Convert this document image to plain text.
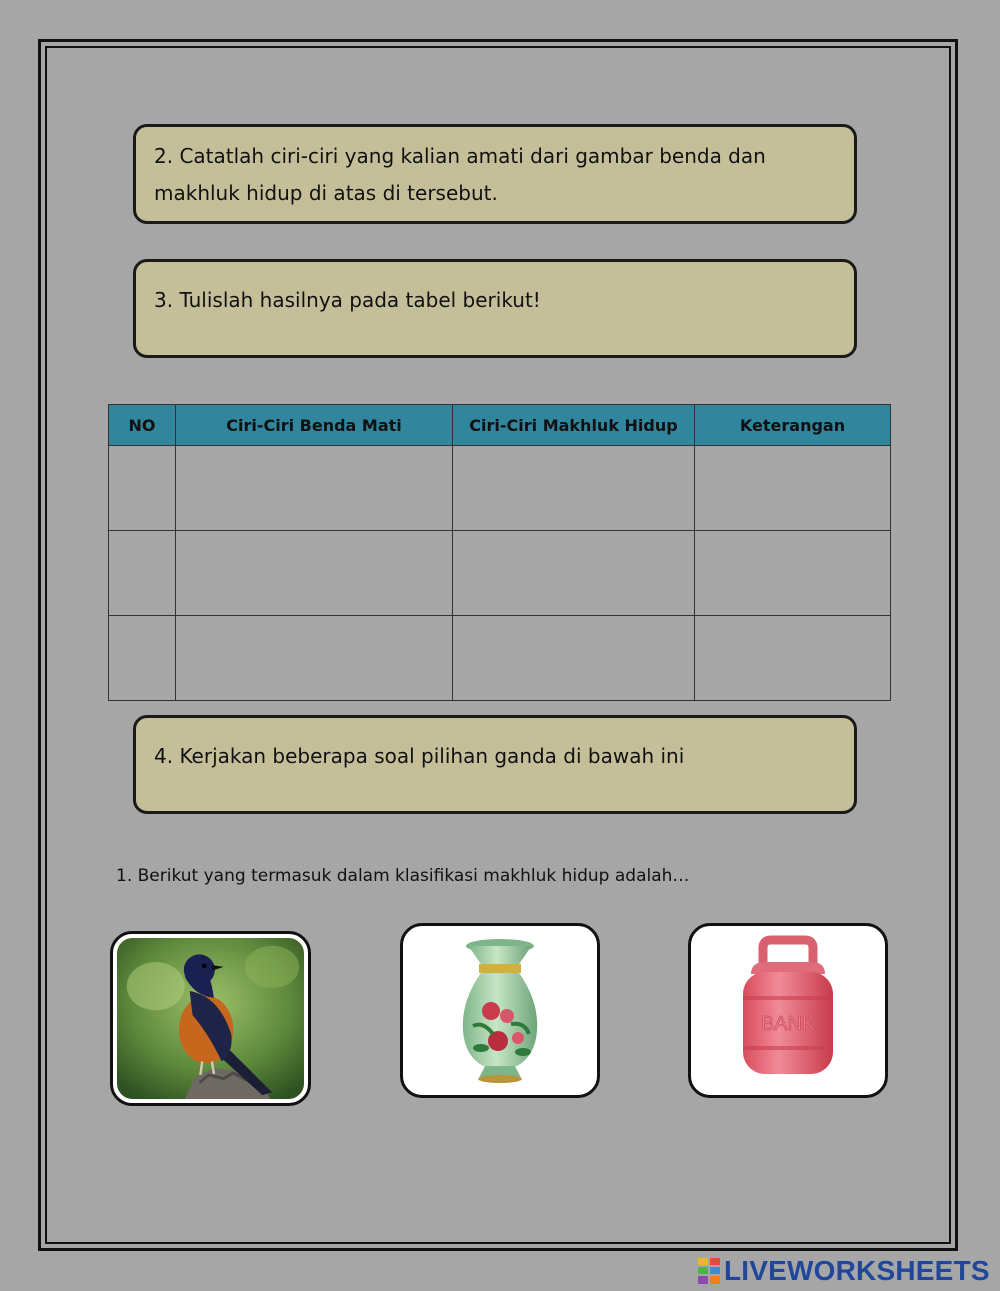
2. Catatlah ciri-ciri yang kalian amati dari gambar benda dan makhluk hidup di atas di tersebut.
3. Tulislah hasilnya pada tabel berikut!
NO	Ciri-Ciri Benda Mati	Ciri-Ciri Makhluk Hidup	Keterangan

4. Kerjakan beberapa soal pilihan ganda di bawah ini
1. Berikut yang termasuk dalam klasifikasi makhluk hidup adalah…
BANK
LIVEWORKSHEETS
